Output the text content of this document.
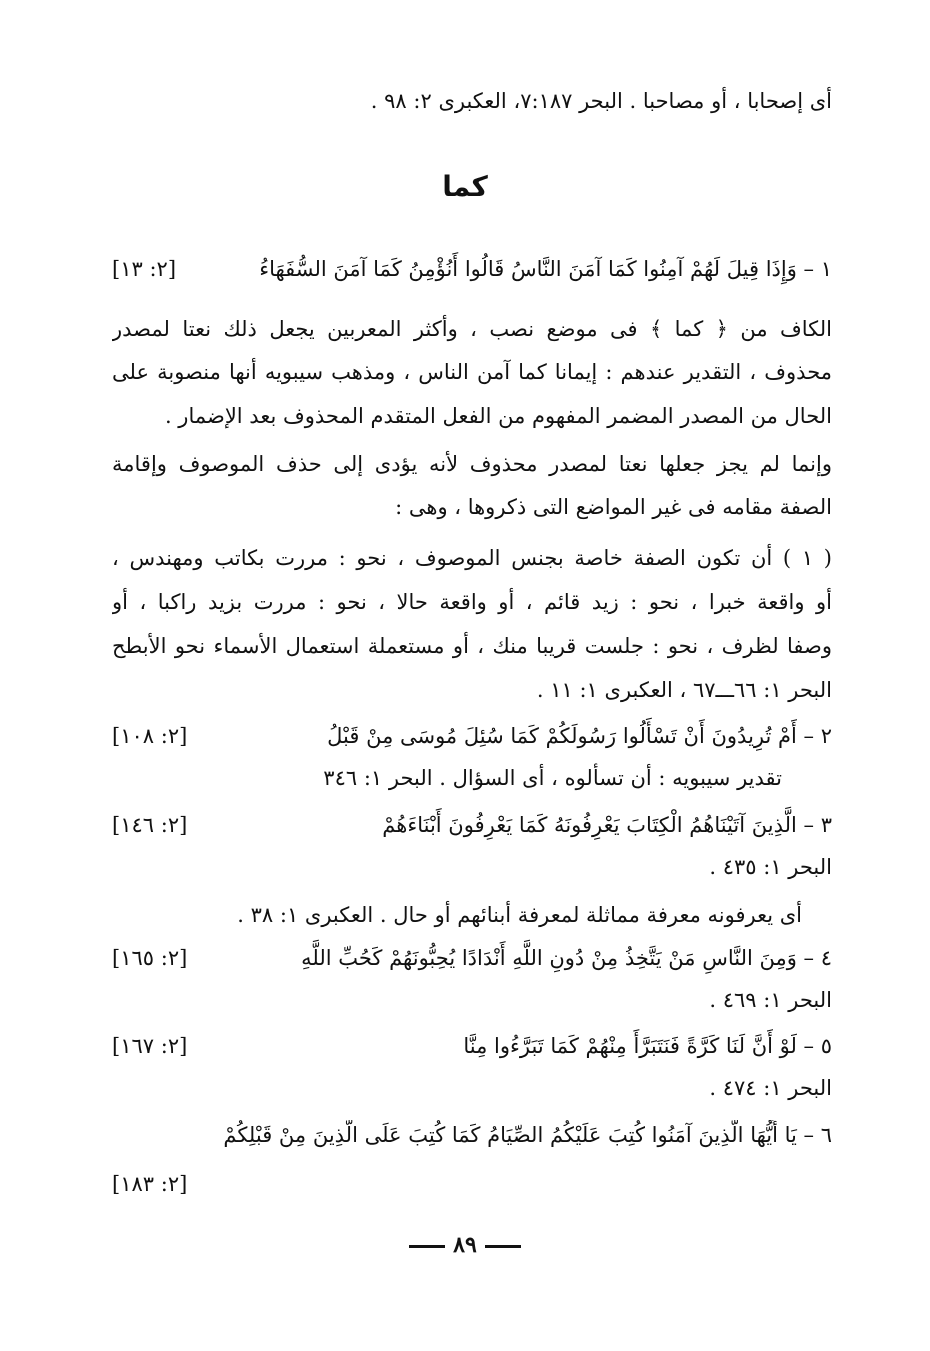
أى إصحابا ، أو مصاحبا . البحر ٧:١٨٧، العكبرى ٢: ٩٨ .
كما
١ – وَإِذَا قِيلَ لَهُمْ آمِنُوا كَمَا آمَنَ النَّاسُ قَالُوا أَنُؤْمِنُ كَمَا آمَنَ السُّفَهَاءُ
[٢: ١٣]
الكاف من ﴿ كما ﴾ فى موضع نصب ، وأكثر المعربين يجعل ذلك نعتا لمصدر
محذوف ، التقدير عندهم : إيمانا كما آمن الناس ، ومذهب سيبويه أنها منصوبة على
الحال من المصدر المضمر المفهوم من الفعل المتقدم المحذوف بعد الإضمار .
وإنما لم يجز جعلها نعتا لمصدر محذوف لأنه يؤدى إلى حذف الموصوف وإقامة
الصفة مقامه فى غير المواضع التى ذكروها ، وهى :
( ١ ) أن تكون الصفة خاصة بجنس الموصوف ، نحو : مررت بكاتب ومهندس ،
أو واقعة خبرا ، نحو : زيد قائم ، أو واقعة حالا ، نحو : مررت بزيد راكبا ، أو
وصفا لظرف ، نحو : جلست قريبا منك ، أو مستعملة استعمال الأسماء نحو الأبطح
البحر ١: ٦٦ـــ٦٧ ، العكبرى ١: ١١ .
٢ – أَمْ تُرِيدُونَ أَنْ تَسْأَلُوا رَسُولَكُمْ كَمَا سُئِلَ مُوسَى مِنْ قَبْلُ
[٢: ١٠٨]
تقدير سيبويه : أن تسألوه ، أى السؤال . البحر ١: ٣٤٦
٣ – الَّذِينَ آتَيْنَاهُمُ الْكِتَابَ يَعْرِفُونَهُ كَمَا يَعْرِفُونَ أَبْنَاءَهُمْ
[٢: ١٤٦]
البحر ١: ٤٣٥ .
أى يعرفونه معرفة مماثلة لمعرفة أبنائهم أو حال . العكبرى ١: ٣٨ .
٤ – وَمِنَ النَّاسِ مَنْ يَتَّخِذُ مِنْ دُونِ اللَّهِ أَنْدَادًا يُحِبُّونَهُمْ كَحُبِّ اللَّهِ
[٢: ١٦٥]
البحر ١: ٤٦٩ .
٥ – لَوْ أَنَّ لَنَا كَرَّةً فَنَتَبَرَّأَ مِنْهُمْ كَمَا تَبَرَّءُوا مِنَّا
[٢: ١٦٧]
البحر ١: ٤٧٤ .
٦ – يَا أَيُّهَا الَّذِينَ آمَنُوا كُتِبَ عَلَيْكُمُ الصِّيَامُ كَمَا كُتِبَ عَلَى الَّذِينَ مِنْ قَبْلِكُمْ
[٢: ١٨٣]
٨٩
